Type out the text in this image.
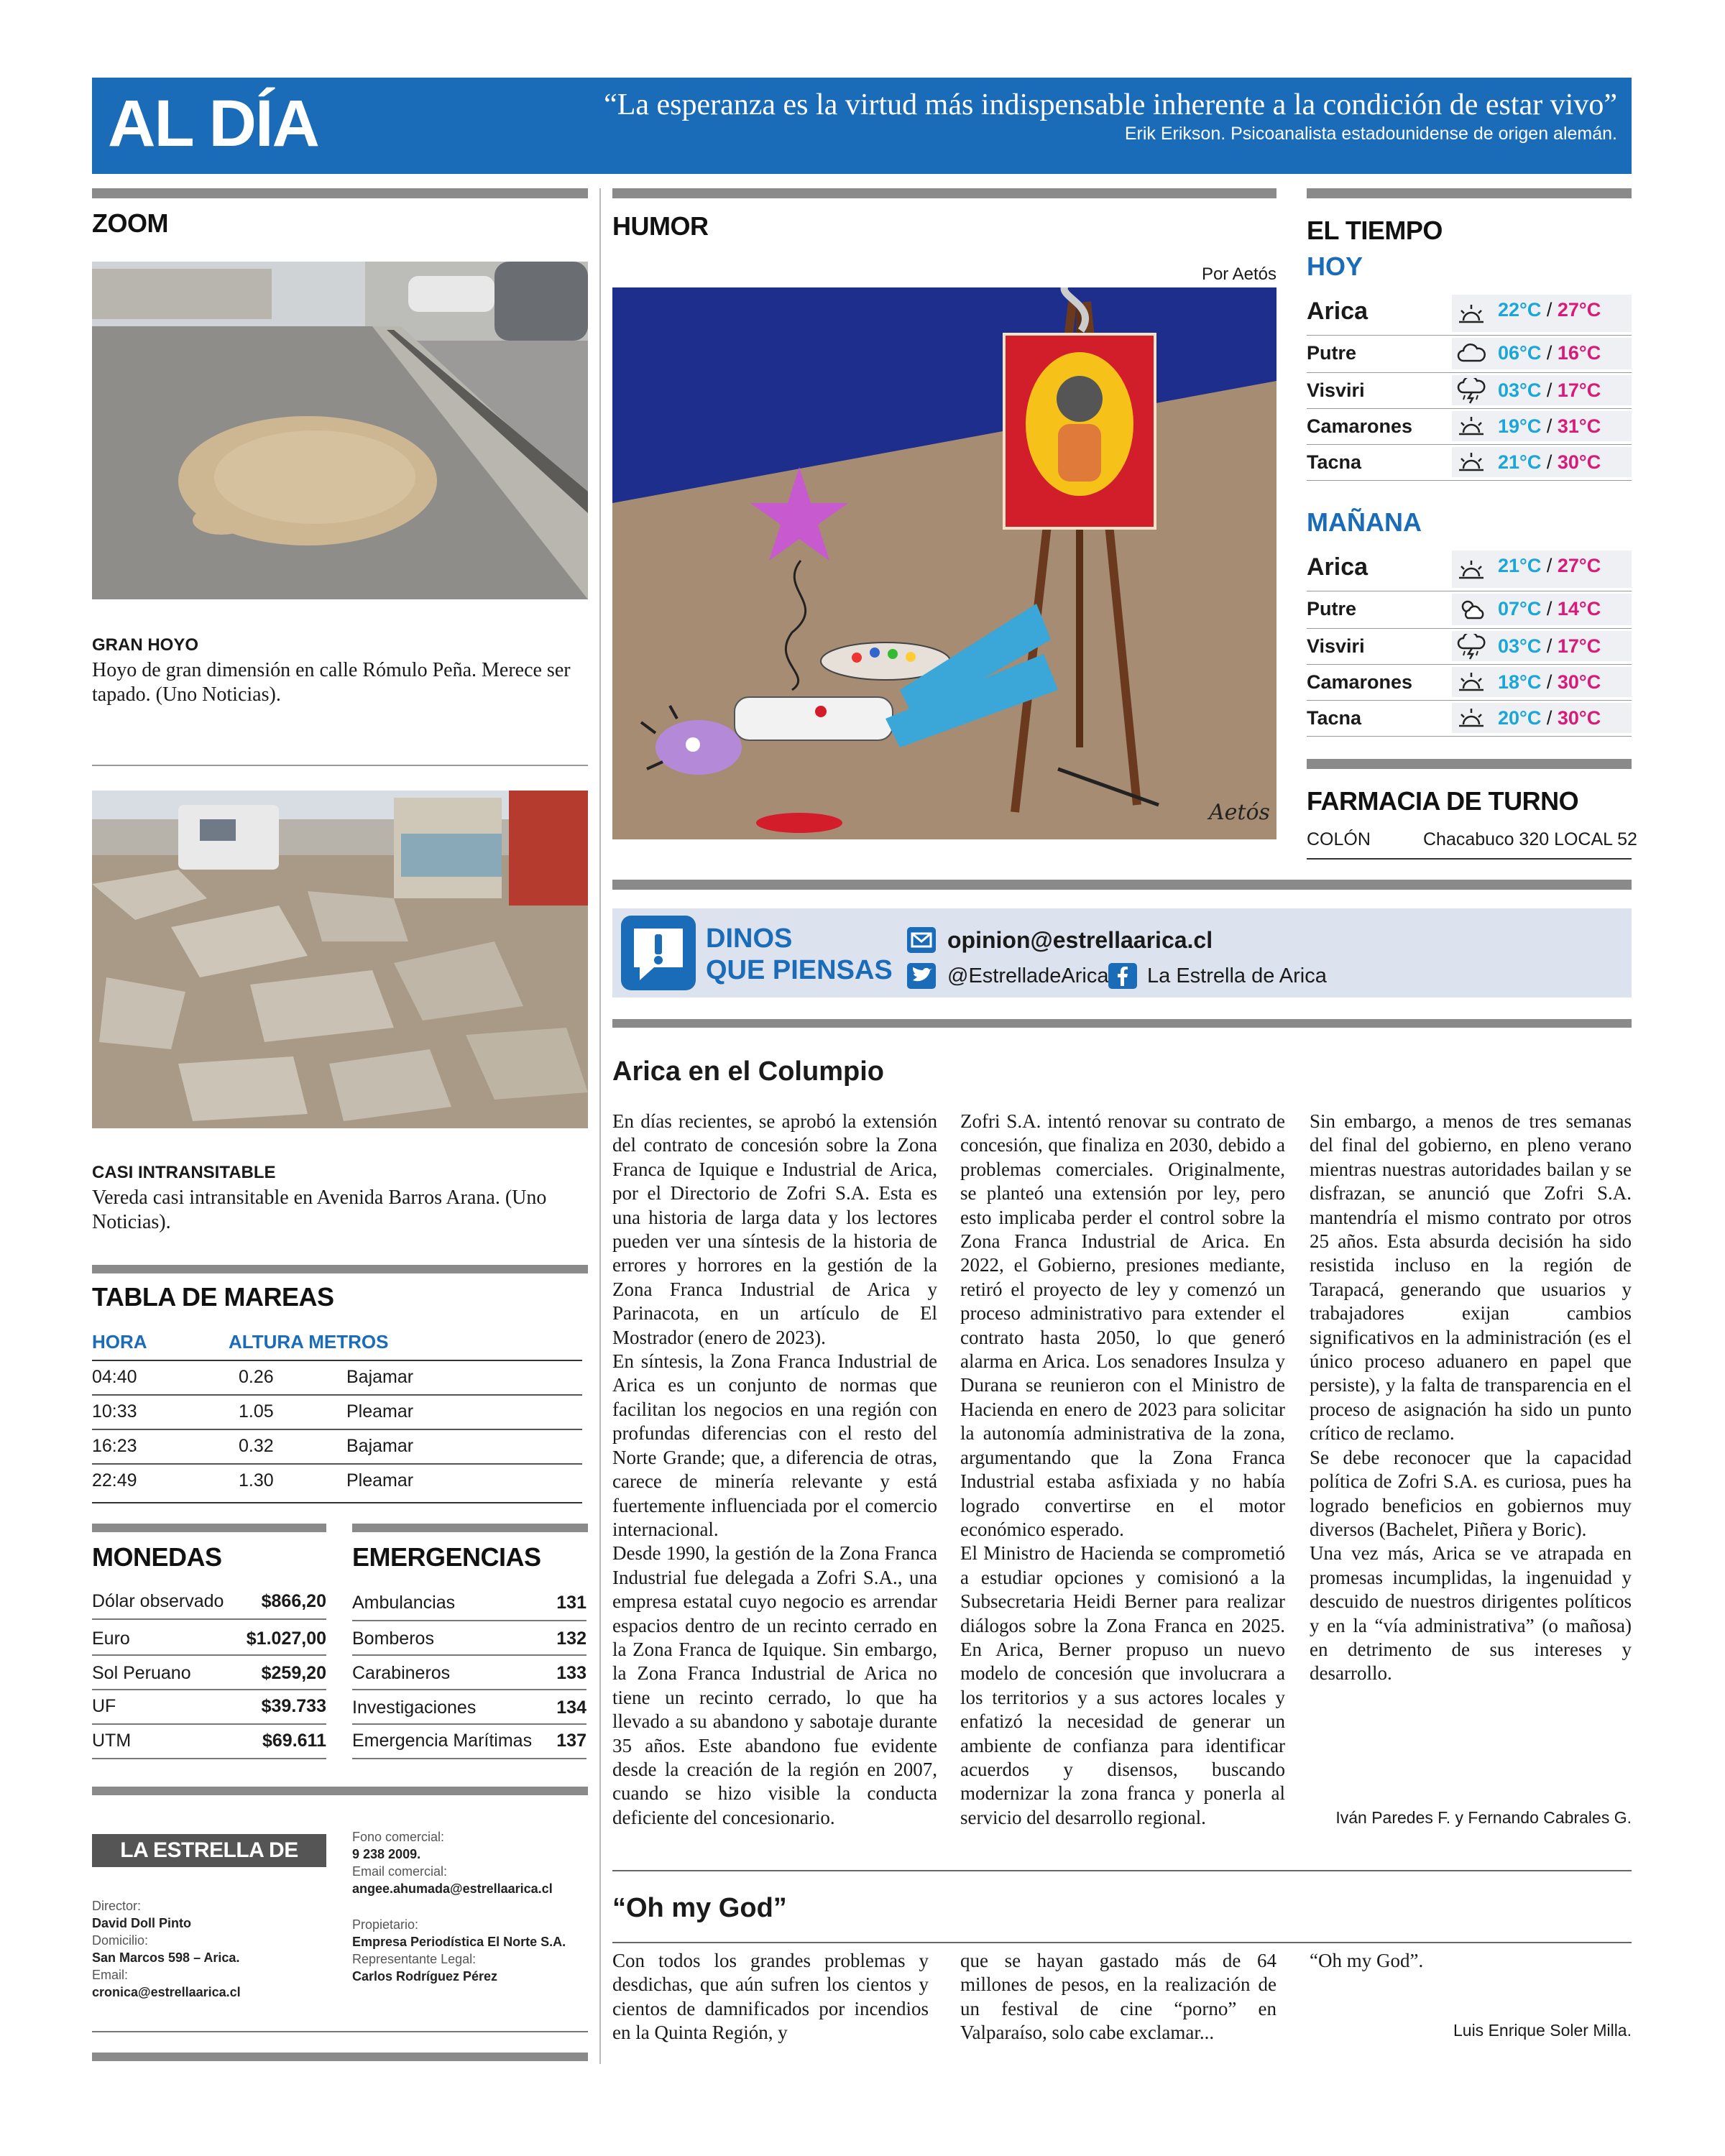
AL DÍA	“La esperanza es la virtud más indispensable inherente a la condición de estar vivo”
Erik Erikson. Psicoanalista estadounidense de origen alemán.
ZOOM
GRAN HOYO
Hoyo de gran dimensión en calle Rómulo Peña. Merece ser tapado. (Uno Noticias).
CASI INTRANSITABLE
Vereda casi intransitable en Avenida Barros Arana. (Uno Noticias).
TABLA DE MAREAS
HORA	ALTURA METROS
04:40	0.26	Bajamar
10:33	1.05	Pleamar
16:23	0.32	Bajamar
22:49	1.30	Pleamar
MONEDAS
Dólar observado	$866,20
Euro	$1.027,00
Sol Peruano	$259,20
UF	$39.733
UTM	$69.611
EMERGENCIAS
Ambulancias	131
Bomberos	132
Carabineros	133
Investigaciones	134
Emergencia Marítimas	137
LA ESTRELLA DE ARICA
Director:
David Doll Pinto
Domicilio:
San Marcos 598 – Arica.
Email:
cronica@estrellaarica.cl
Fono comercial:
9 238 2009.
Email comercial:
angee.ahumada@estrellaarica.cl
Propietario:
Empresa Periodística El Norte S.A.
Representante Legal:
Carlos Rodríguez Pérez
HUMOR
Por Aetós
Aetós
DINOS
QUE PIENSAS
opinion@estrellaarica.cl
@EstrelladeArica La Estrella de Arica
EL TIEMPO
HOY
Arica	22°C / 27°C
Putre	06°C / 16°C
Visviri	03°C / 17°C
Camarones	19°C / 31°C
Tacna	21°C / 30°C
MAÑANA
Arica	21°C / 27°C
Putre	07°C / 14°C
Visviri	03°C / 17°C
Camarones	18°C / 30°C
Tacna	20°C / 30°C
FARMACIA DE TURNO
COLÓN	Chacabuco 320 LOCAL 52
Arica en el Columpio

En días recientes, se aprobó la extensión del contrato de concesión sobre la Zona Franca de Iquique e Industrial de Arica, por el Directorio de Zofri S.A. Esta es una historia de larga data y los lectores pueden ver una síntesis de la historia de errores y horrores en la gestión de la Zona Franca Industrial de Arica y Parinacota, en un artículo de El Mostrador (enero de 2023).

En síntesis, la Zona Franca Industrial de Arica es un conjunto de normas que facilitan los negocios en una región con profundas diferencias con el resto del Norte Grande; que, a diferencia de otras, carece de minería relevante y está fuertemente influenciada por el comercio internacional.

Desde 1990, la gestión de la Zona Franca Industrial fue delegada a Zofri S.A., una empresa estatal cuyo negocio es arrendar espacios dentro de un recinto cerrado en la Zona Franca de Iquique. Sin embargo, la Zona Franca Industrial de Arica no tiene un recinto cerrado, lo que ha llevado a su abandono y sabotaje durante 35 años. Este abandono fue evidente desde la creación de la región en 2007, cuando se hizo visible la conducta deficiente del concesionario.

Zofri S.A. intentó renovar su contrato de concesión, que finaliza en 2030, debido a problemas comerciales. Originalmente, se planteó una extensión por ley, pero esto implicaba perder el control sobre la Zona Franca Industrial de Arica. En 2022, el Gobierno, presiones mediante, retiró el proyecto de ley y comenzó un proceso administrativo para extender el contrato hasta 2050, lo que generó alarma en Arica. Los senadores Insulza y Durana se reunieron con el Ministro de Hacienda en enero de 2023 para solicitar la autonomía administrativa de la zona, argumentando que la Zona Franca Industrial estaba asfixiada y no había logrado convertirse en el motor económico esperado.

El Ministro de Hacienda se comprometió a estudiar opciones y comisionó a la Subsecretaria Heidi Berner para realizar diálogos sobre la Zona Franca en 2025. En Arica, Berner propuso un nuevo modelo de concesión que involucrara a los territorios y a sus actores locales y enfatizó la necesidad de generar un ambiente de confianza para identificar acuerdos y disensos, buscando modernizar la zona franca y ponerla al servicio del desarrollo regional.

Sin embargo, a menos de tres semanas del final del gobierno, en pleno verano mientras nuestras autoridades bailan y se disfrazan, se anunció que Zofri S.A. mantendría el mismo contrato por otros 25 años. Esta absurda decisión ha sido resistida incluso en la región de Tarapacá, generando que usuarios y trabajadores exijan cambios significativos en la administración (es el único proceso aduanero en papel que persiste), y la falta de transparencia en el proceso de asignación ha sido un punto crítico de reclamo.

Se debe reconocer que la capacidad política de Zofri S.A. es curiosa, pues ha logrado beneficios en gobiernos muy diversos (Bachelet, Piñera y Boric).

Una vez más, Arica se ve atrapada en promesas incumplidas, la ingenuidad y descuido de nuestros dirigentes políticos y en la “vía administrativa” (o mañosa) en detrimento de sus intereses y desarrollo.

Iván Paredes F. y Fernando Cabrales G.
“Oh my God”
Con todos los grandes problemas y desdichas, que aún sufren los cientos y cientos de damnificados por incendios en la Quinta Región, y
que se hayan gastado más de 64 millones de pesos, en la realización de un festival de cine “porno” en Valparaíso, solo cabe exclamar...
“Oh my God”.
Luis Enrique Soler Milla.
